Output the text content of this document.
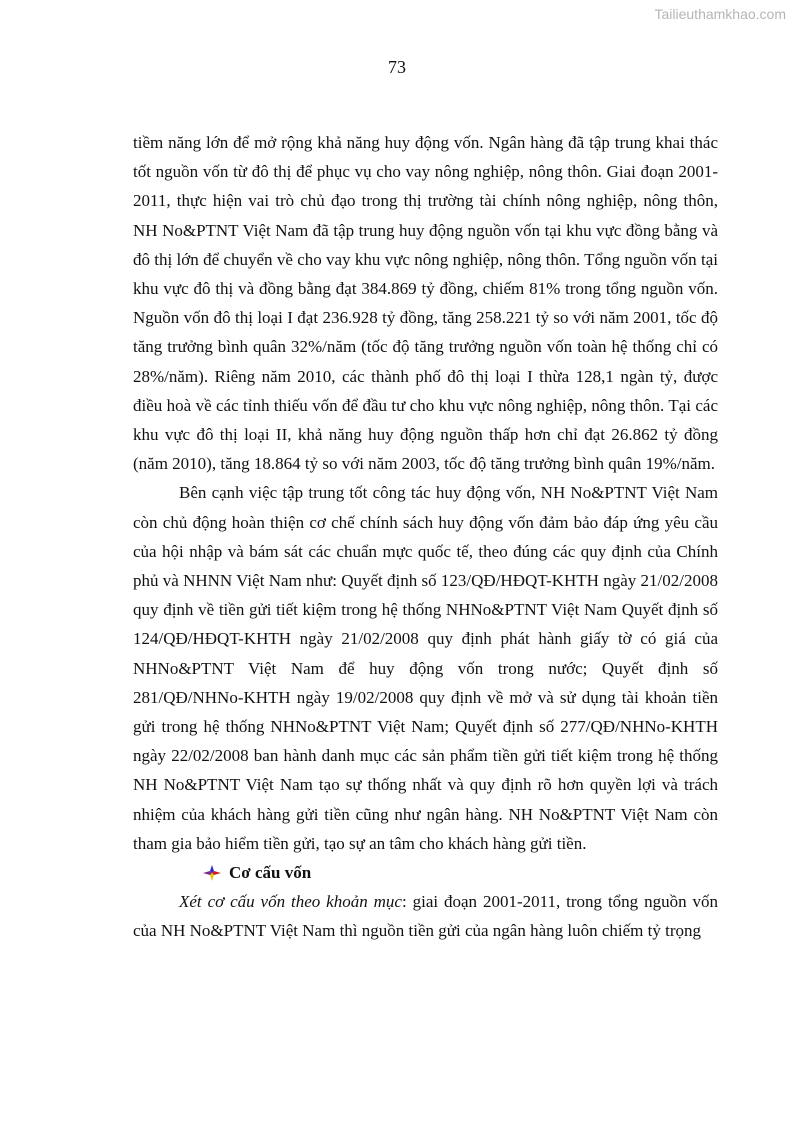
Tailieuthamkhao.com
73

tiềm năng lớn để mở rộng khả năng huy động vốn. Ngân hàng đã tập trung khai thác tốt nguồn vốn từ đô thị để phục vụ cho vay nông nghiệp, nông thôn. Giai đoạn 2001-2011, thực hiện vai trò chủ đạo trong thị trường tài chính nông nghiệp, nông thôn, NH No&PTNT Việt Nam đã tập trung huy động nguồn vốn tại khu vực đồng bằng và đô thị lớn để chuyển về cho vay khu vực nông nghiệp, nông thôn. Tổng nguồn vốn tại khu vực đô thị và đồng bằng đạt 384.869 tỷ đồng, chiếm 81% trong tổng nguồn vốn. Nguồn vốn đô thị loại I đạt 236.928 tỷ đồng, tăng 258.221 tỷ so với năm 2001, tốc độ tăng trưởng bình quân 32%/năm (tốc độ tăng trưởng nguồn vốn toàn hệ thống chỉ có 28%/năm). Riêng năm 2010, các thành phố đô thị loại I thừa 128,1 ngàn tỷ, được điều hoà về các tỉnh thiếu vốn để đầu tư cho khu vực nông nghiệp, nông thôn. Tại các khu vực đô thị loại II, khả năng huy động nguồn thấp hơn chỉ đạt 26.862 tỷ đồng (năm 2010), tăng 18.864 tỷ so với năm 2003, tốc độ tăng trưởng bình quân 19%/năm.

Bên cạnh việc tập trung tốt công tác huy động vốn, NH No&PTNT Việt Nam còn chủ động hoàn thiện cơ chế chính sách huy động vốn đảm bảo đáp ứng yêu cầu của hội nhập và bám sát các chuẩn mực quốc tế, theo đúng các quy định của Chính phủ và NHNN Việt Nam như: Quyết định số 123/QĐ/HĐQT-KHTH ngày 21/02/2008 quy định về tiền gửi tiết kiệm trong hệ thống NHNo&PTNT Việt Nam Quyết định số 124/QĐ/HĐQT-KHTH ngày 21/02/2008 quy định phát hành giấy tờ có giá của NHNo&PTNT Việt Nam để huy động vốn trong nước; Quyết định số 281/QĐ/NHNo-KHTH ngày 19/02/2008 quy định về mở và sử dụng tài khoản tiền gửi trong hệ thống NHNo&PTNT Việt Nam; Quyết định số 277/QĐ/NHNo-KHTH ngày 22/02/2008 ban hành danh mục các sản phẩm tiền gửi tiết kiệm trong hệ thống NH No&PTNT Việt Nam tạo sự thống nhất và quy định rõ hơn quyền lợi và trách nhiệm của khách hàng gửi tiền cũng như ngân hàng. NH No&PTNT Việt Nam còn tham gia bảo hiểm tiền gửi, tạo sự an tâm cho khách hàng gửi tiền.

Cơ cấu vốn

Xét cơ cấu vốn theo khoản mục: giai đoạn 2001-2011, trong tổng nguồn vốn của NH No&PTNT Việt Nam thì nguồn tiền gửi của ngân hàng luôn chiếm tỷ trọng
